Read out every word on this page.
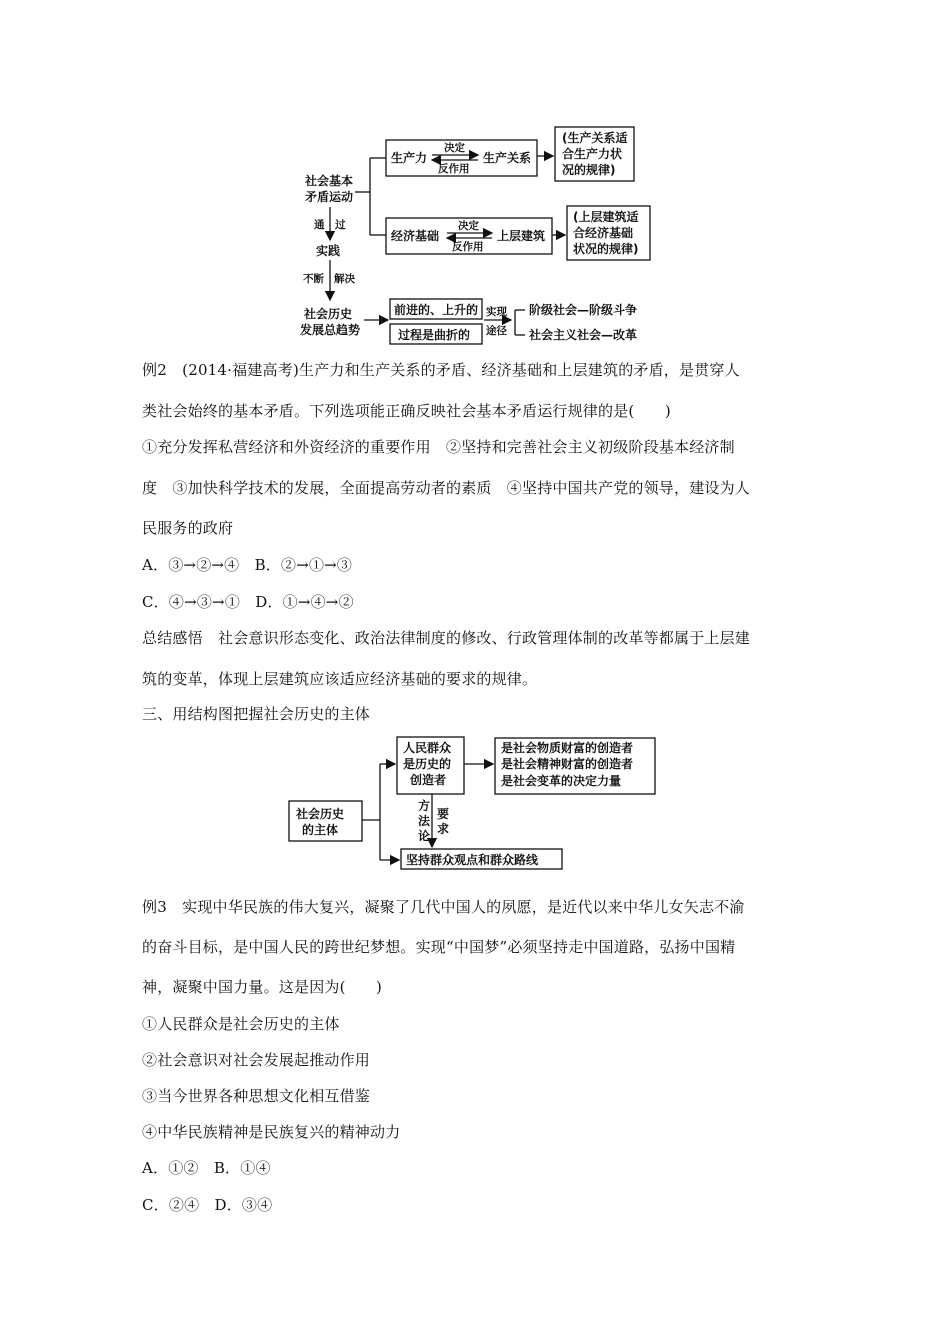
社会基本
矛盾运动
通 过
实践
不断 解决
社会历史
发展总趋势
生产力	生产关系
决定
反作用
(生产关系适
合生产力状
况的规律)
经济基础	上层建筑
决定
反作用
(上层建筑适
合经济基础
状况的规律)
前进的、上升的
过程是曲折的
实现
途径
阶级社会—阶级斗争
社会主义社会—改革
例2　(2014·福建高考)生产力和生产关系的矛盾、经济基础和上层建筑的矛盾，是贯穿人
类社会始终的基本矛盾。下列选项能正确反映社会基本矛盾运行规律的是(　　)
①充分发挥私营经济和外资经济的重要作用　②坚持和完善社会主义初级阶段基本经济制
度　③加快科学技术的发展，全面提高劳动者的素质　④坚持中国共产党的领导，建设为人
民服务的政府
A．③→②→④　B．②→①→③
C．④→③→①　D．①→④→②
总结感悟　社会意识形态变化、政治法律制度的修改、行政管理体制的改革等都属于上层建
筑的变革，体现上层建筑应该适应经济基础的要求的规律。
三、用结构图把握社会历史的主体
社会历史
的主体
人民群众
是历史的
创造者
是社会物质财富的创造者
是社会精神财富的创造者
是社会变革的决定力量
方
法
论
要
求
坚持群众观点和群众路线
例3　实现中华民族的伟大复兴，凝聚了几代中国人的夙愿，是近代以来中华儿女矢志不渝
的奋斗目标，是中国人民的跨世纪梦想。实现“中国梦”必须坚持走中国道路，弘扬中国精
神，凝聚中国力量。这是因为(　　)
①人民群众是社会历史的主体
②社会意识对社会发展起推动作用
③当今世界各种思想文化相互借鉴
④中华民族精神是民族复兴的精神动力
A．①②　B．①④
C．②④　D．③④
